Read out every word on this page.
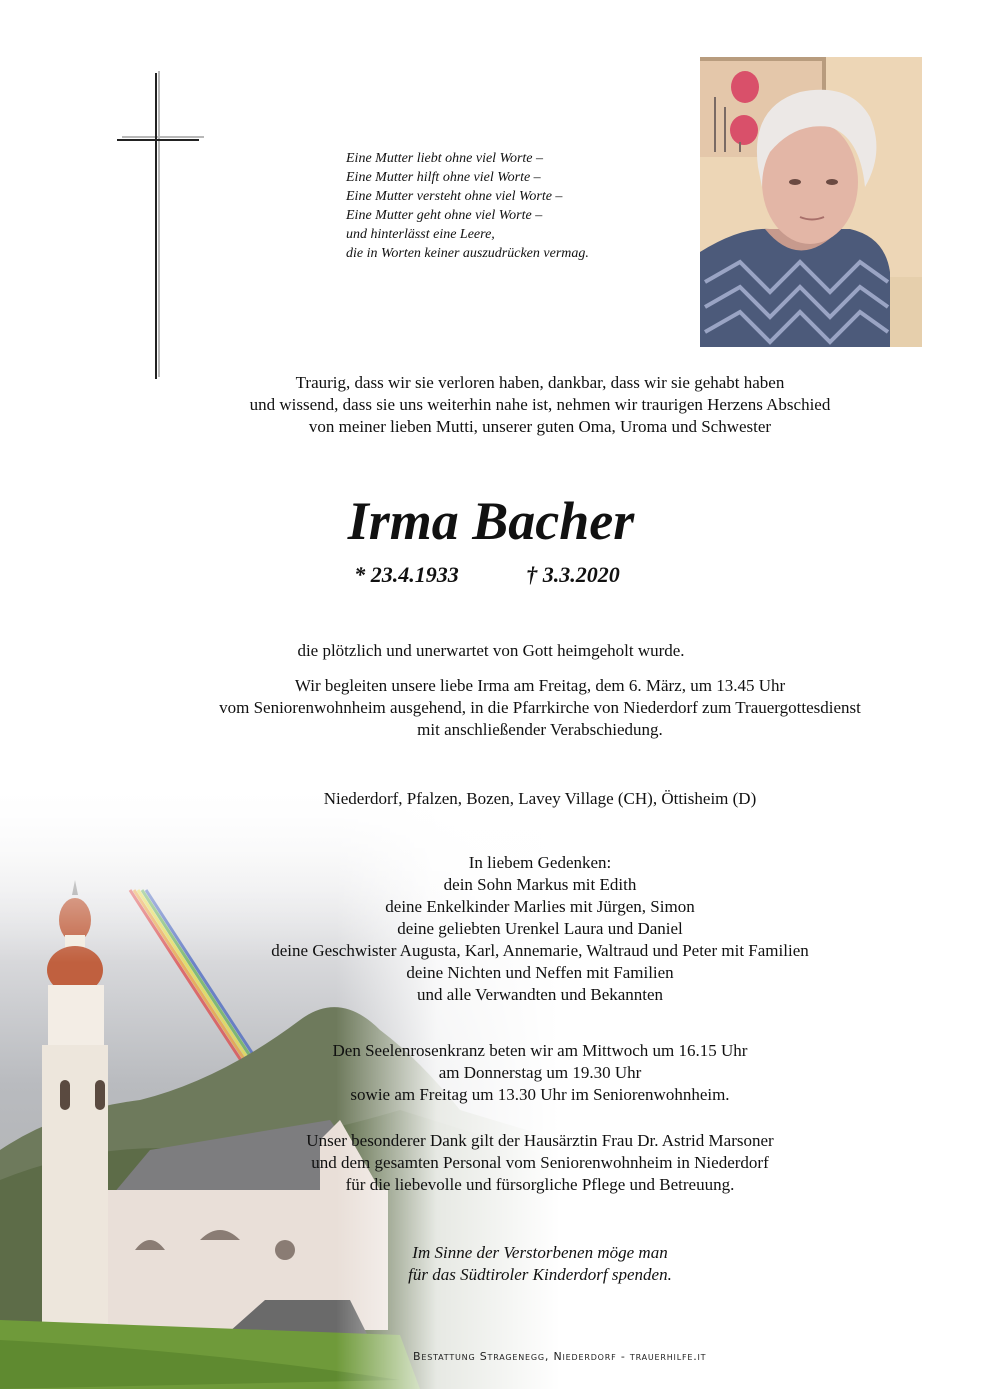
Eine Mutter liebt ohne viel Worte –
Eine Mutter hilft ohne viel Worte –
Eine Mutter versteht ohne viel Worte –
Eine Mutter geht ohne viel Worte –
und hinterlässt eine Leere,
die in Worten keiner auszudrücken vermag.
Traurig, dass wir sie verloren haben, dankbar, dass wir sie gehabt haben
und wissend, dass sie uns weiterhin nahe ist, nehmen wir traurigen Herzens Abschied
von meiner lieben Mutti, unserer guten Oma, Uroma und Schwester
Irma Bacher
* 23.4.1933	† 3.3.2020
die plötzlich und unerwartet von Gott heimgeholt wurde.
Wir begleiten unsere liebe Irma am Freitag, dem 6. März, um 13.45 Uhr
vom Seniorenwohnheim ausgehend, in die Pfarrkirche von Niederdorf zum Trauergottesdienst
mit anschließender Verabschiedung.
Niederdorf, Pfalzen, Bozen, Lavey Village (CH), Öttisheim (D)
In liebem Gedenken:
dein Sohn Markus mit Edith
deine Enkelkinder Marlies mit Jürgen, Simon
deine geliebten Urenkel Laura und Daniel
deine Geschwister Augusta, Karl, Annemarie, Waltraud und Peter mit Familien
deine Nichten und Neffen mit Familien
und alle Verwandten und Bekannten
Den Seelenrosenkranz beten wir am Mittwoch um 16.15 Uhr
am Donnerstag um 19.30 Uhr
sowie am Freitag um 13.30 Uhr im Seniorenwohnheim.
Unser besonderer Dank gilt der Hausärztin Frau Dr. Astrid Marsoner
und dem gesamten Personal vom Seniorenwohnheim in Niederdorf
für die liebevolle und fürsorgliche Pflege und Betreuung.
Im Sinne der Verstorbenen möge man
für das Südtiroler Kinderdorf spenden.
Bestattung Stragenegg, Niederdorf - trauerhilfe.it
